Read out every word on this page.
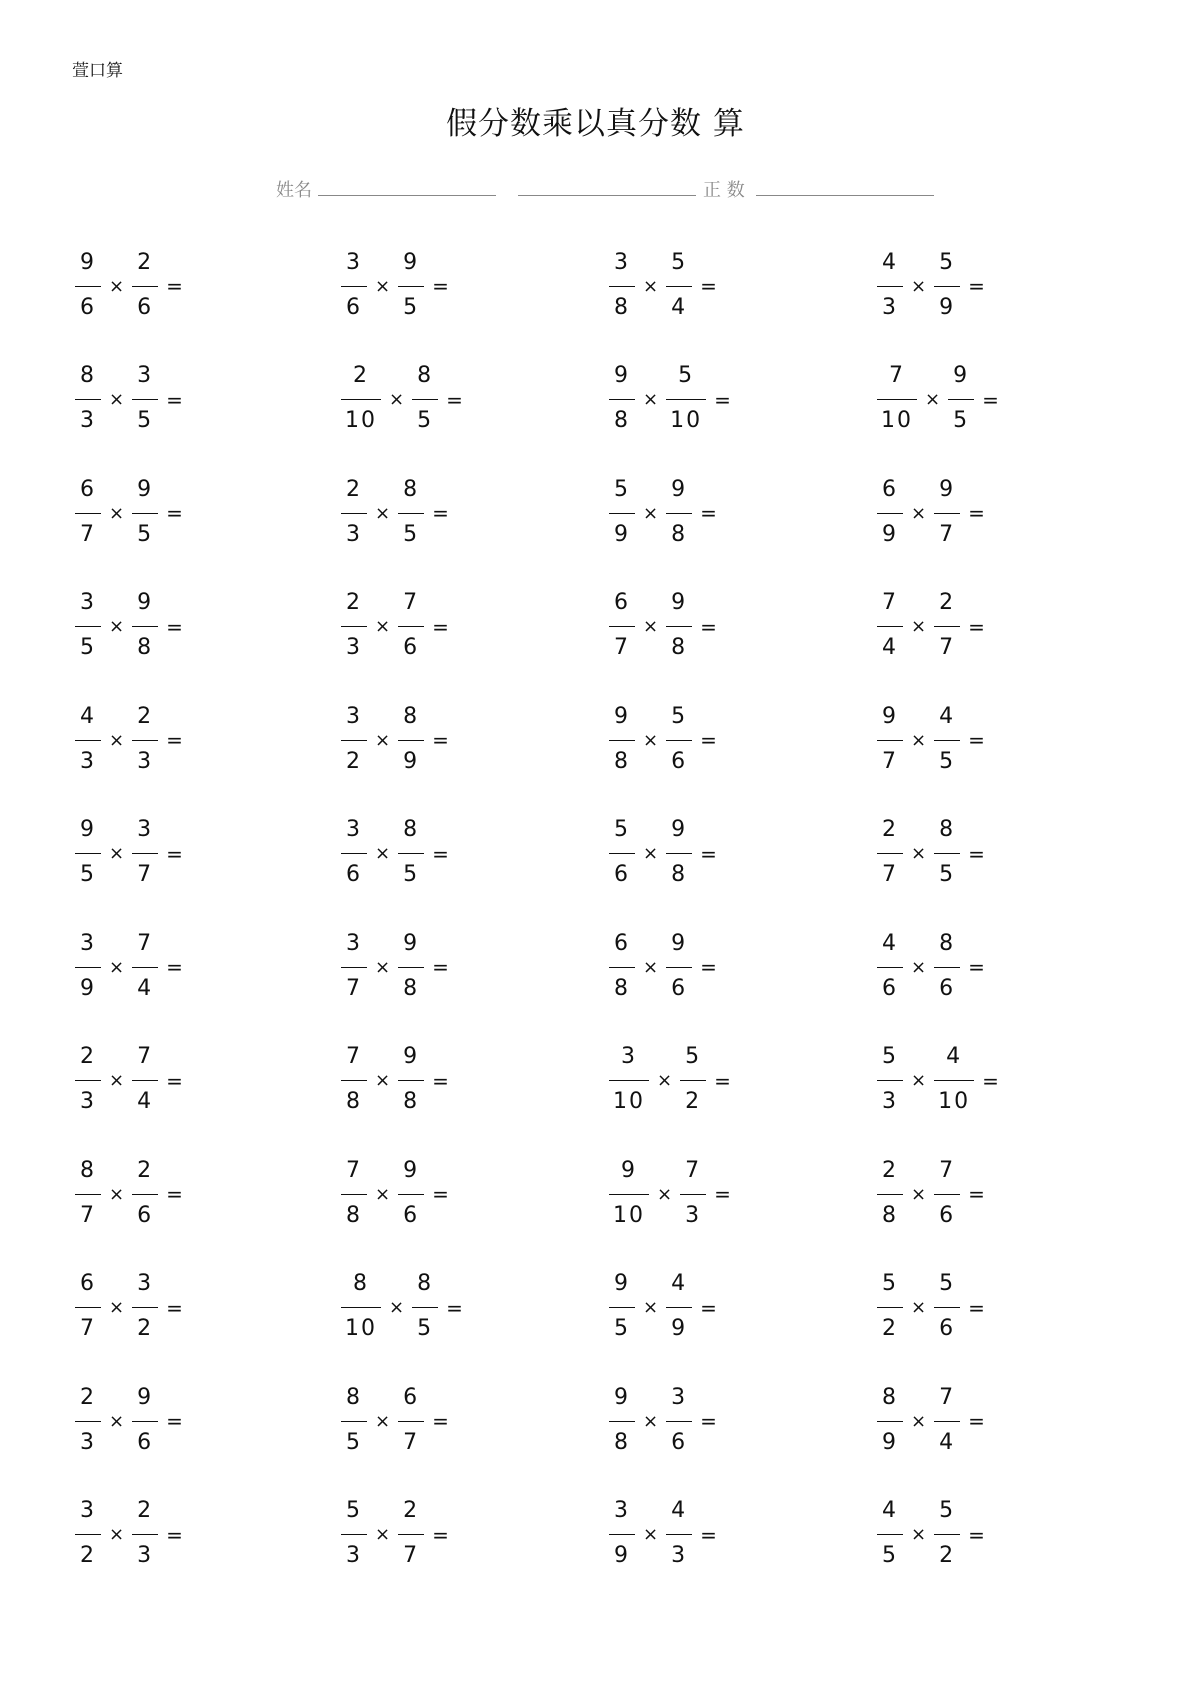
萱口算
假分数乘以真分数 算
姓名	正 数
$\frac{9}{6} \times \frac{2}{6}$ =	$\frac{3}{6} \times \frac{9}{5}$ =	$\frac{3}{8} \times \frac{5}{4}$ =	$\frac{4}{3} \times \frac{5}{9}$ =
$\frac{8}{3} \times \frac{3}{5}$ =	$\frac{2}{10} \times \frac{8}{5}$ =	$\frac{9}{8} \times \frac{5}{10}$ =	$\frac{7}{10} \times \frac{9}{5}$ =
$\frac{6}{7} \times \frac{9}{5}$ =	$\frac{2}{3} \times \frac{8}{5}$ =	$\frac{5}{9} \times \frac{9}{8}$ =	$\frac{6}{9} \times \frac{9}{7}$ =
$\frac{3}{5} \times \frac{9}{8}$ =	$\frac{2}{3} \times \frac{7}{6}$ =	$\frac{6}{7} \times \frac{9}{8}$ =	$\frac{7}{4} \times \frac{2}{7}$ =
$\frac{4}{3} \times \frac{2}{3}$ =	$\frac{3}{2} \times \frac{8}{9}$ =	$\frac{9}{8} \times \frac{5}{6}$ =	$\frac{9}{7} \times \frac{4}{5}$ =
$\frac{9}{5} \times \frac{3}{7}$ =	$\frac{3}{6} \times \frac{8}{5}$ =	$\frac{5}{6} \times \frac{9}{8}$ =	$\frac{2}{7} \times \frac{8}{5}$ =
$\frac{3}{9} \times \frac{7}{4}$ =	$\frac{3}{7} \times \frac{9}{8}$ =	$\frac{6}{8} \times \frac{9}{6}$ =	$\frac{4}{6} \times \frac{8}{6}$ =
$\frac{2}{3} \times \frac{7}{4}$ =	$\frac{7}{8} \times \frac{9}{8}$ =	$\frac{3}{10} \times \frac{5}{2}$ =	$\frac{5}{3} \times \frac{4}{10}$ =
$\frac{8}{7} \times \frac{2}{6}$ =	$\frac{7}{8} \times \frac{9}{6}$ =	$\frac{9}{10} \times \frac{7}{3}$ =	$\frac{2}{8} \times \frac{7}{6}$ =
$\frac{6}{7} \times \frac{3}{2}$ =	$\frac{8}{10} \times \frac{8}{5}$ =	$\frac{9}{5} \times \frac{4}{9}$ =	$\frac{5}{2} \times \frac{5}{6}$ =
$\frac{2}{3} \times \frac{9}{6}$ =	$\frac{8}{5} \times \frac{6}{7}$ =	$\frac{9}{8} \times \frac{3}{6}$ =	$\frac{8}{9} \times \frac{7}{4}$ =
$\frac{3}{2} \times \frac{2}{3}$ =	$\frac{5}{3} \times \frac{2}{7}$ =	$\frac{3}{9} \times \frac{4}{3}$ =	$\frac{4}{5} \times \frac{5}{2}$ =
